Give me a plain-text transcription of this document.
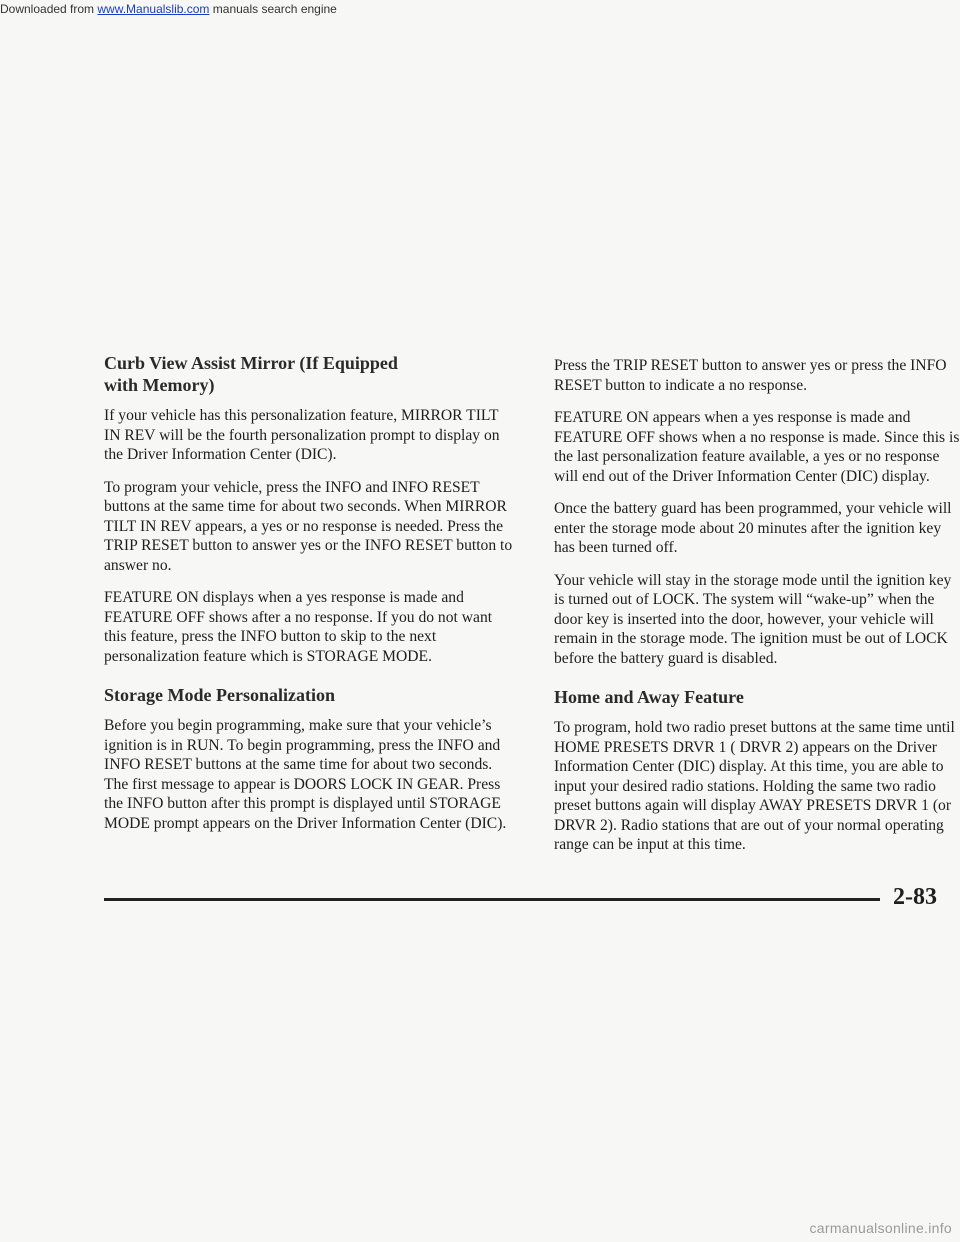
Downloaded from www.Manualslib.com manuals search engine
Curb View Assist Mirror (If Equipped
with Memory)

If your vehicle has this personalization feature, MIRROR TILT IN REV will be the fourth personalization prompt to display on the Driver Information Center (DIC).

To program your vehicle, press the INFO and INFO RESET buttons at the same time for about two seconds. When MIRROR TILT IN REV appears, a yes or no response is needed. Press the TRIP RESET button to answer yes or the INFO RESET button to answer no.

FEATURE ON displays when a yes response is made and FEATURE OFF shows after a no response. If you do not want this feature, press the INFO button to skip to the next personalization feature which is STORAGE MODE.

Storage Mode Personalization

Before you begin programming, make sure that your vehicle’s ignition is in RUN. To begin programming, press the INFO and INFO RESET buttons at the same time for about two seconds. The first message to appear is DOORS LOCK IN GEAR. Press the INFO button after this prompt is displayed until STORAGE MODE prompt appears on the Driver Information Center (DIC).

Press the TRIP RESET button to answer yes or press the INFO RESET button to indicate a no response.

FEATURE ON appears when a yes response is made and FEATURE OFF shows when a no response is made. Since this is the last personalization feature available, a yes or no response will end out of the Driver Information Center (DIC) display.

Once the battery guard has been programmed, your vehicle will enter the storage mode about 20 minutes after the ignition key has been turned off.

Your vehicle will stay in the storage mode until the ignition key is turned out of LOCK. The system will “wake-up” when the door key is inserted into the door, however, your vehicle will remain in the storage mode. The ignition must be out of LOCK before the battery guard is disabled.

Home and Away Feature

To program, hold two radio preset buttons at the same time until HOME PRESETS DRVR 1 ( DRVR 2) appears on the Driver Information Center (DIC) display. At this time, you are able to input your desired radio stations. Holding the same two radio preset buttons again will display AWAY PRESETS DRVR 1 (or DRVR 2). Radio stations that are out of your normal operating range can be input at this time.

2-83
carmanualsonline.info
